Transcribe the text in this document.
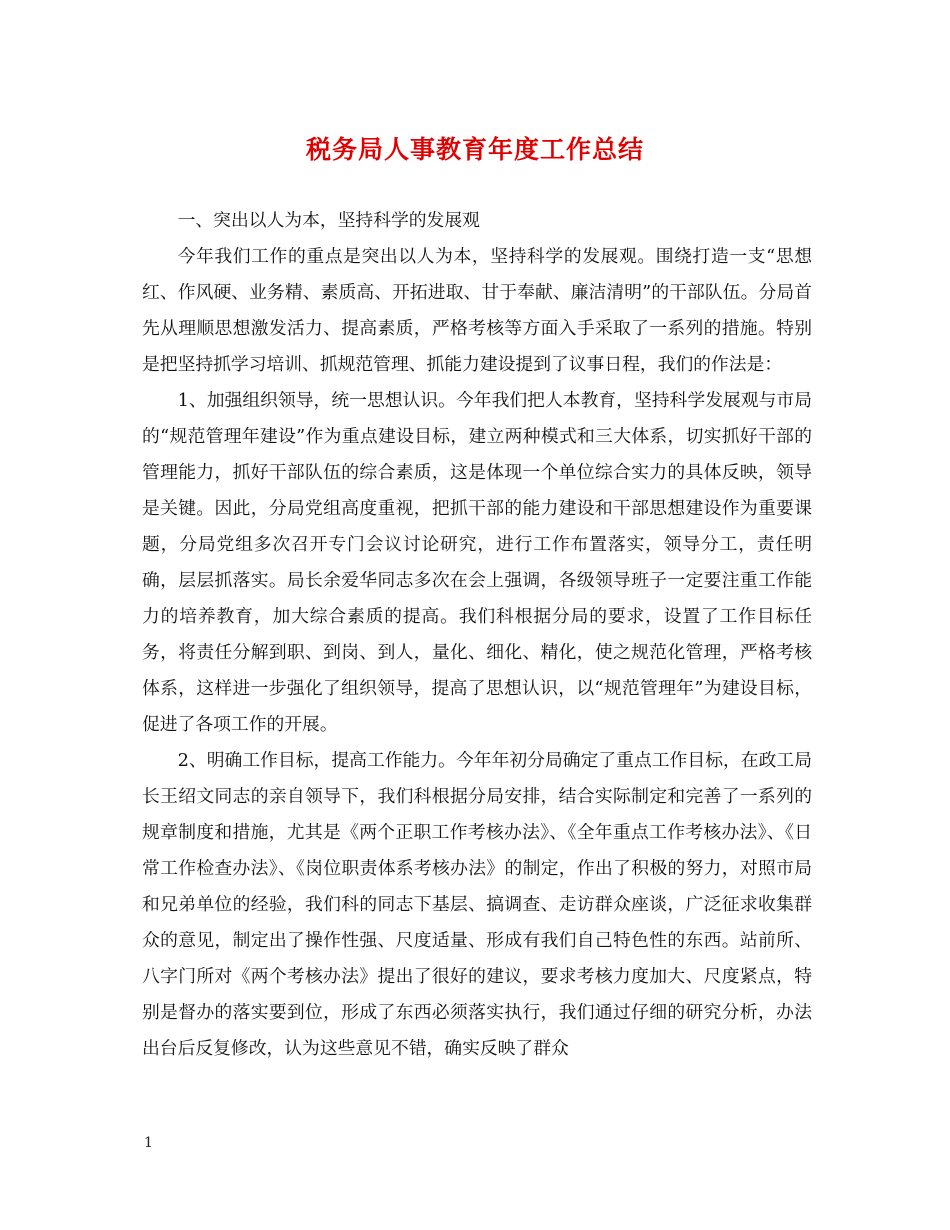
税务局人事教育年度工作总结

一、突出以人为本，坚持科学的发展观

今年我们工作的重点是突出以人为本，坚持科学的发展观。围绕打造一支“思想红、作风硬、业务精、素质高、开拓进取、甘于奉献、廉洁清明”的干部队伍。分局首先从理顺思想激发活力、提高素质，严格考核等方面入手采取了一系列的措施。特别是把坚持抓学习培训、抓规范管理、抓能力建设提到了议事日程，我们的作法是：

1、加强组织领导，统一思想认识。今年我们把人本教育，坚持科学发展观与市局的“规范管理年建设”作为重点建设目标，建立两种模式和三大体系，切实抓好干部的管理能力，抓好干部队伍的综合素质，这是体现一个单位综合实力的具体反映，领导是关键。因此，分局党组高度重视，把抓干部的能力建设和干部思想建设作为重要课题，分局党组多次召开专门会议讨论研究，进行工作布置落实，领导分工，责任明确，层层抓落实。局长余爱华同志多次在会上强调，各级领导班子一定要注重工作能力的培养教育，加大综合素质的提高。我们科根据分局的要求，设置了工作目标任务，将责任分解到职、到岗、到人，量化、细化、精化，使之规范化管理，严格考核体系，这样进一步强化了组织领导，提高了思想认识，以“规范管理年”为建设目标，促进了各项工作的开展。

2、明确工作目标，提高工作能力。今年年初分局确定了重点工作目标，在政工局长王绍文同志的亲自领导下，我们科根据分局安排，结合实际制定和完善了一系列的规章制度和措施，尤其是《两个正职工作考核办法》、《全年重点工作考核办法》、《日常工作检查办法》、《岗位职责体系考核办法》的制定，作出了积极的努力，对照市局和兄弟单位的经验，我们科的同志下基层、搞调查、走访群众座谈，广泛征求收集群众的意见，制定出了操作性强、尺度适量、形成有我们自己特色性的东西。站前所、八字门所对《两个考核办法》提出了很好的建议，要求考核力度加大、尺度紧点，特别是督办的落实要到位，形成了东西必须落实执行，我们通过仔细的研究分析，办法出台后反复修改，认为这些意见不错，确实反映了群众

1
